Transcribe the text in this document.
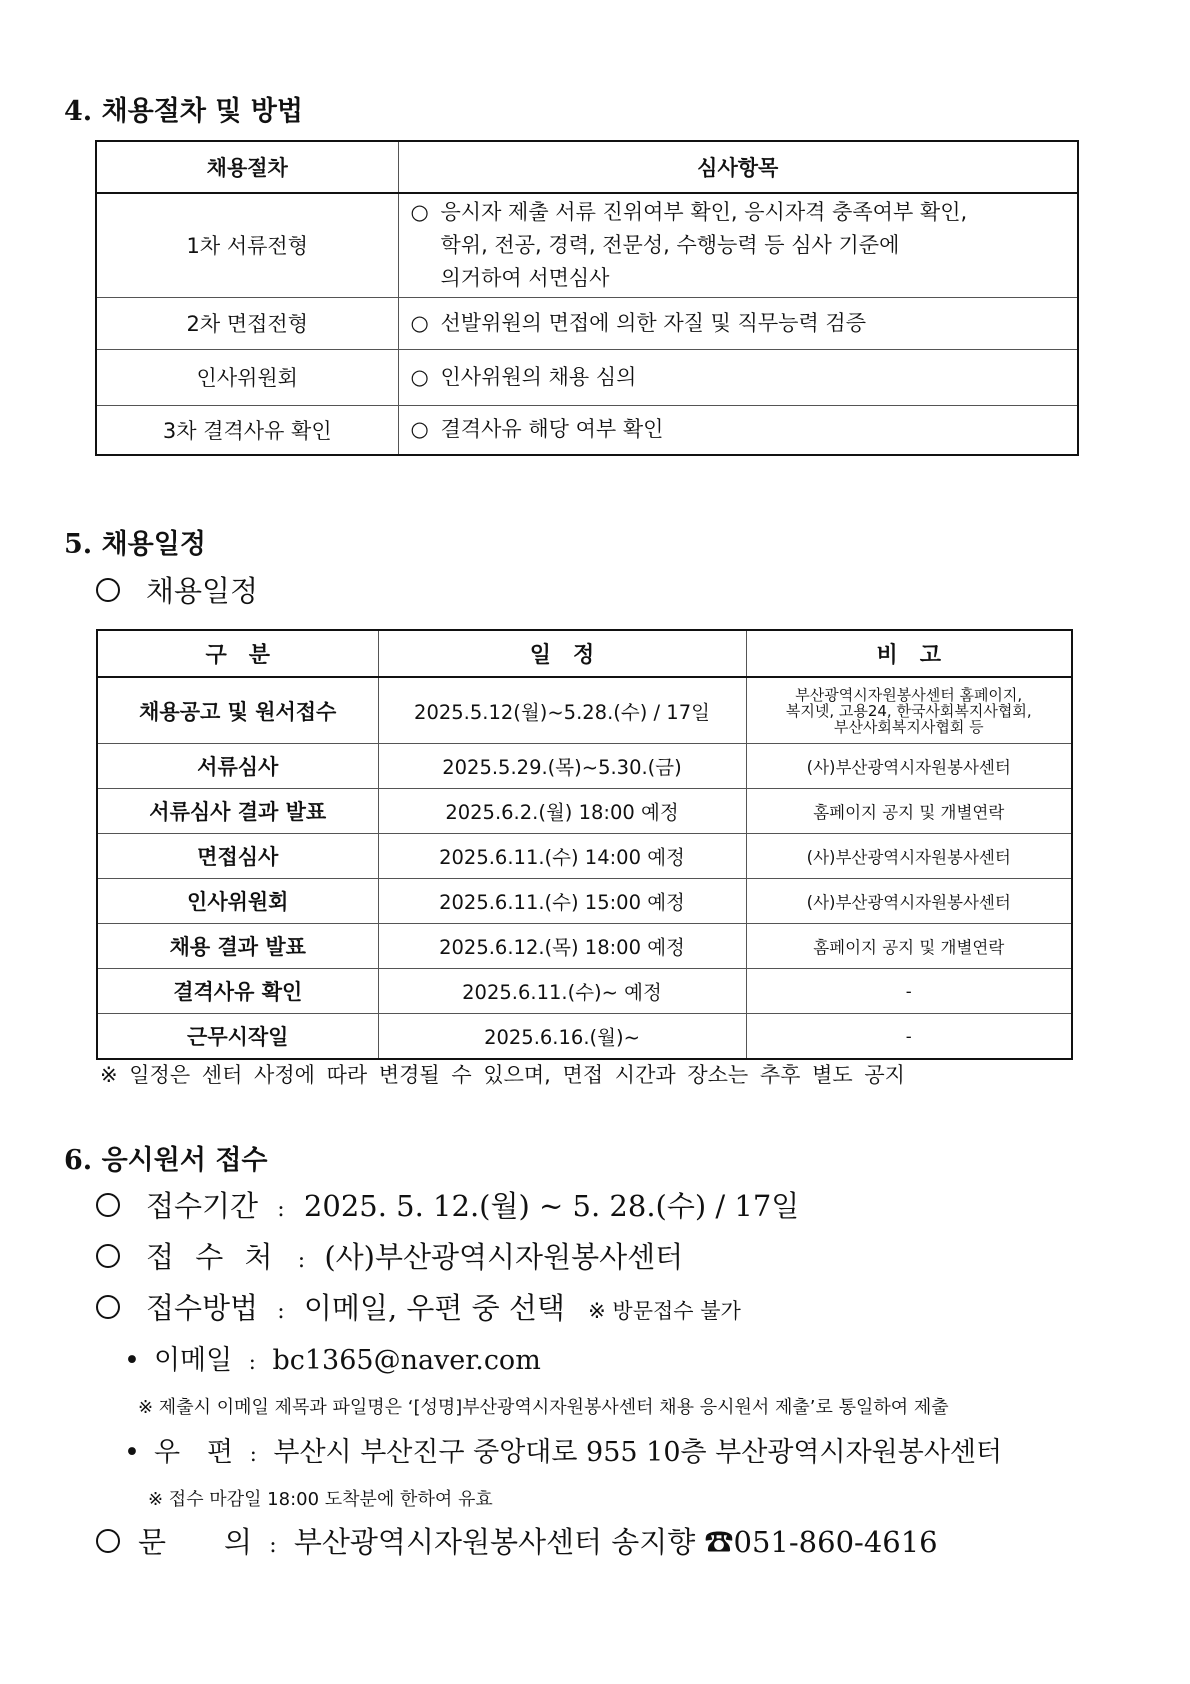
4. 채용절차 및 방법
채용절차	심사항목
1차 서류전형	○ 응시자 제출 서류 진위여부 확인, 응시자격 충족여부 확인,
학위, 전공, 경력, 전문성, 수행능력 등 심사 기준에
의거하여 서면심사

2차 면접전형	○ 선발위원의 면접에 의한 자질 및 직무능력 검증

인사위원회	○ 인사위원의 채용 심의

3차 결격사유 확인	○ 결격사유 해당 여부 확인
5. 채용일정
채용일정
구　분	일　정	비　고
채용공고 및 원서접수	2025.5.12(월)~5.28.(수) / 17일	부산광역시자원봉사센터 홈페이지,
복지넷, 고용24, 한국사회복지사협회,
부산사회복지사협회 등

서류심사	2025.5.29.(목)~5.30.(금)	(사)부산광역시자원봉사센터
서류심사 결과 발표	2025.6.2.(월) 18:00 예정	홈페이지 공지 및 개별연락
면접심사	2025.6.11.(수) 14:00 예정	(사)부산광역시자원봉사센터
인사위원회	2025.6.11.(수) 15:00 예정	(사)부산광역시자원봉사센터
채용 결과 발표	2025.6.12.(목) 18:00 예정	홈페이지 공지 및 개별연락
결격사유 확인	2025.6.11.(수)~ 예정	-
근무시작일	2025.6.16.(월)~	-
※ 일정은 센터 사정에 따라 변경될 수 있으며, 면접 시간과 장소는 추후 별도 공지
6. 응시원서 접수
접수기간 : 2025. 5. 12.(월) ~ 5. 28.(수) / 17일
접 수 처 : (사)부산광역시자원봉사센터
접수방법 : 이메일, 우편 중 선택 ※ 방문접수 불가
• 이메일 : bc1365@naver.com
※ 제출시 이메일 제목과 파일명은 ‘[성명]부산광역시자원봉사센터 채용 응시원서 제출’로 통일하여 제출
• 우　편 : 부산시 부산진구 중앙대로 955 10층 부산광역시자원봉사센터
※ 접수 마감일 18:00 도착분에 한하여 유효
문　　의 : 부산광역시자원봉사센터 송지향 ☎051-860-4616
